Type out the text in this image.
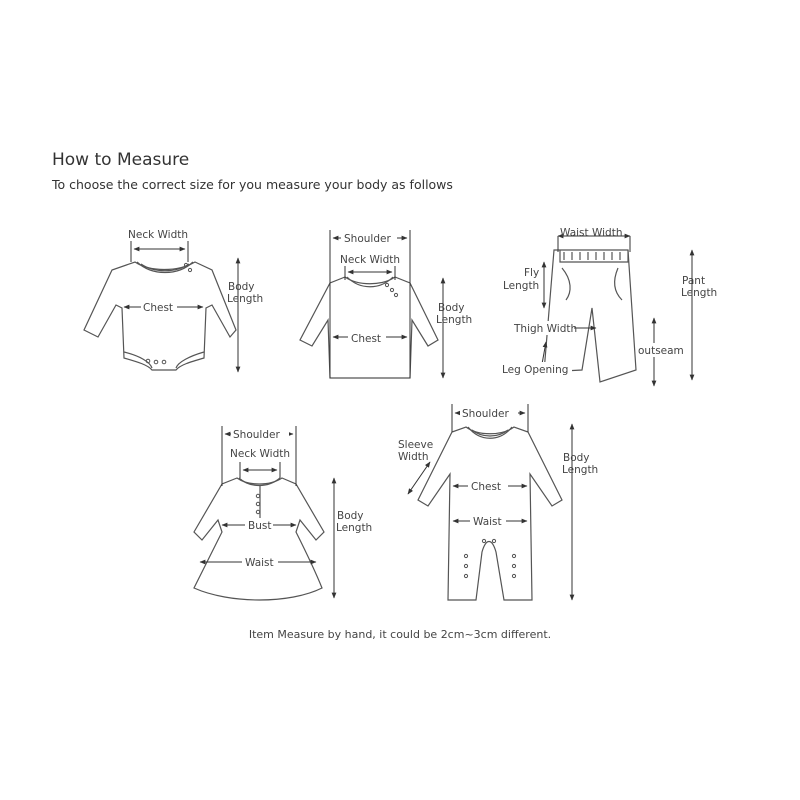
How to Measure

To choose the correct size for you measure your body as follows

Neck Width
Chest
Body
Length
Shoulder
Neck Width
Chest
Body
Length
Waist Width
Fly
Length	Pant
Length
Thigh Width
outseam
Leg Opening
Shoulder
Neck Width
Bust
Waist
Body
Length
Shoulder
Sleeve
Width
Chest
Waist
Body
Length

Item Measure by hand, it could be 2cm~3cm different.
